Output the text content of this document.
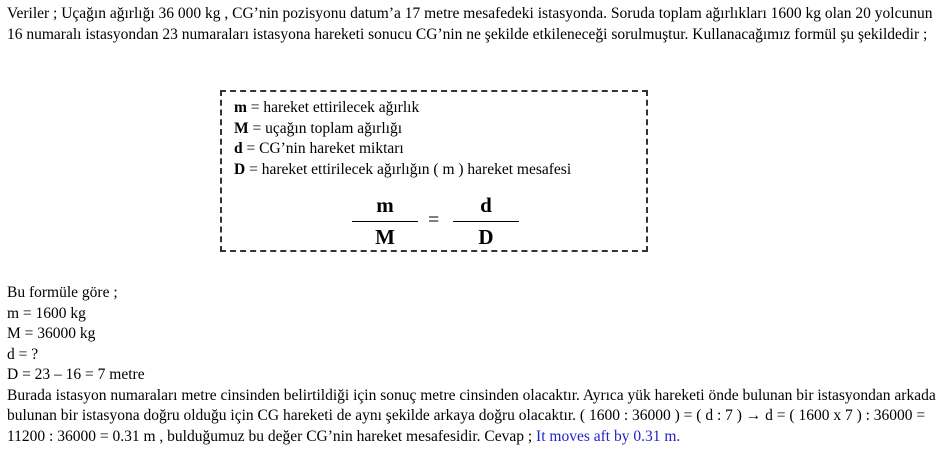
Veriler ; Uçağın ağırlığı 36 000 kg , CG’nin pozisyonu datum’a 17 metre mesafedeki istasyonda. Soruda toplam ağırlıkları 1600 kg olan 20 yolcunun 16 numaralı istasyondan 23 numaraları istasyona hareketi sonucu CG’nin ne şekilde etkileneceği sorulmuştur. Kullanacağımız formül şu şekildedir ;
m = hareket ettirilecek ağırlık
M = uçağın toplam ağırlığı
d = CG’nin hareket miktarı
D = hareket ettirilecek ağırlığın ( m ) hareket mesafesi
m
M
=
d
D
Bu formüle göre ;
m = 1600 kg
M = 36000 kg
d = ?
D = 23 – 16 = 7 metre
Burada istasyon numaraları metre cinsinden belirtildiği için sonuç metre cinsinden olacaktır. Ayrıca yük hareketi önde bulunan bir istasyondan arkada bulunan bir istasyona doğru olduğu için CG hareketi de aynı şekilde arkaya doğru olacaktır. ( 1600 : 36000 ) = ( d : 7 ) → d = ( 1600 x 7 ) : 36000 = 11200 : 36000 = 0.31 m , bulduğumuz bu değer CG’nin hareket mesafesidir. Cevap ; It moves aft by 0.31 m.
